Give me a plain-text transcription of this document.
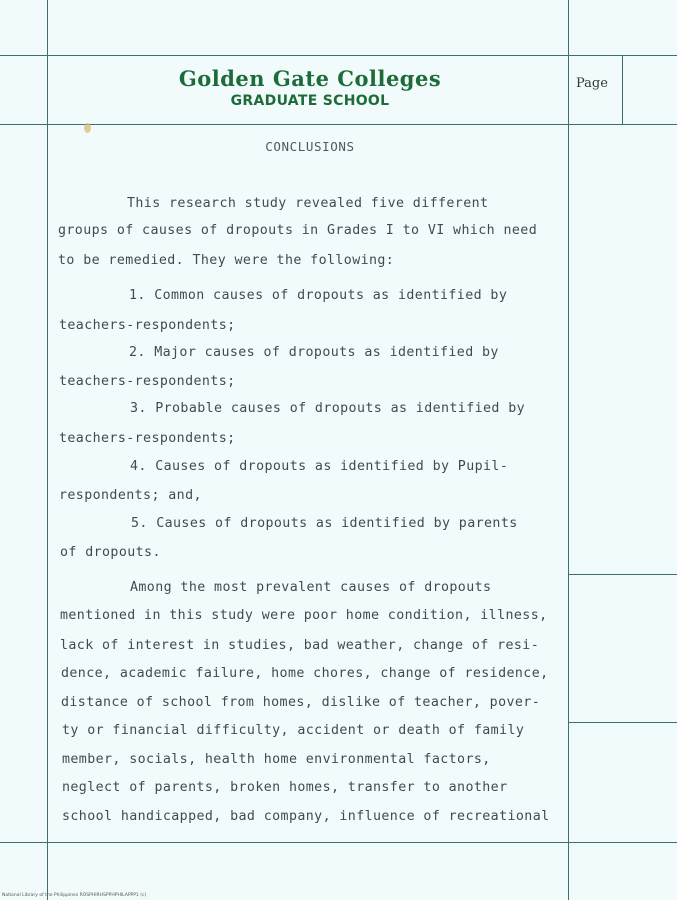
Golden Gate Colleges
GRADUATE SCHOOL
Page
CONCLUSIONS
This research study revealed five different
groups of causes of dropouts in Grades I to VI which need
to be remedied. They were the following:
1. Common causes of dropouts as identified by
teachers-respondents;
2. Major causes of dropouts as identified by
teachers-respondents;
3. Probable causes of dropouts as identified by
teachers-respondents;
4. Causes of dropouts as identified by Pupil-
respondents; and,
5. Causes of dropouts as identified by parents
of dropouts.
Among the most prevalent causes of dropouts
mentioned in this study were poor home condition, illness,
lack of interest in studies, bad weather, change of resi-
dence, academic failure, home chores, change of residence,
distance of school from homes, dislike of teacher, pover-
ty or financial difficulty, accident or death of family
member, socials, health home environmental factors,
neglect of parents, broken homes, transfer to another
school handicapped, bad company, influence of recreational
National Library of the Philippines ROSPHIRHSPPHPHILAPPP1 (c)
